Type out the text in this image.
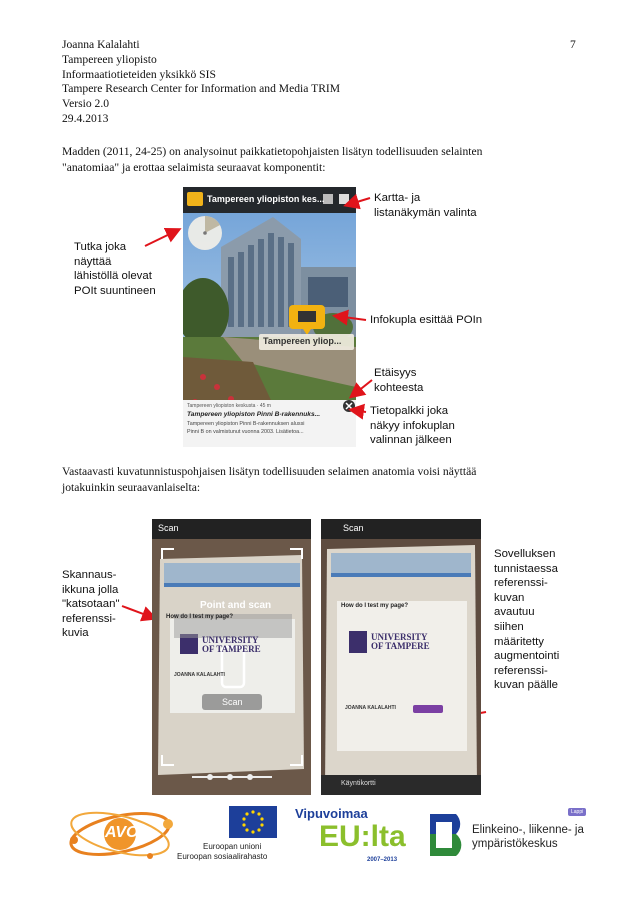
Joanna Kalalahti
Tampereen yliopisto
Informaatiotieteiden yksikkö SIS
Tampere Research Center for Information and Media TRIM
Versio 2.0
29.4.2013
7
Madden (2011, 24-25) on analysoinut paikkatietopohjaisten lisätyn todellisuuden selainten
"anatomiaa" ja erottaa selaimista seuraavat komponentit:
Tampereen yliopiston kes...
Tampereen yliop...
Tampereen yliopiston keskusta · 45 m
Tampereen yliopiston Pinni B-rakennuks...
Tampereen yliopiston Pinni B-rakennuksen alussi
Pinni B on valmistunut vuonna 2003. Lisätietoa...
Tutka joka
näyttää
lähistöllä olevat
POIt suuntineen
Kartta- ja
listanäkymän valinta
Infokupla esittää POIn
Etäisyys
kohteesta
Tietopalkki joka
näkyy infokuplan
valinnan jälkeen
Vastaavasti kuvatunnistuspohjaisen lisätyn todellisuuden selaimen anatomia voisi näyttää
jotakuinkin seuraavanlaiselta:
Scan
Point and scan
How do I test my page?
UNIVERSITY
OF TAMPERE
JOANNA KALALAHTI
Scan
Scan
How do I test my page?
UNIVERSITY
OF TAMPERE
JOANNA KALALAHTI
Käyntikortti
Skannaus-
ikkuna jolla
"katsotaan"
referenssi-
kuvia
Sovelluksen
tunnistaessa
referenssi-
kuvan
avautuu
siihen
määritetty
augmentointi
referenssi-
kuvan päälle
AVO
Euroopan unioni
Euroopan sosiaalirahasto
Vipuvoimaa
EU:lta
2007–2013
Lappi
Elinkeino-, liikenne- ja
ympäristökeskus
